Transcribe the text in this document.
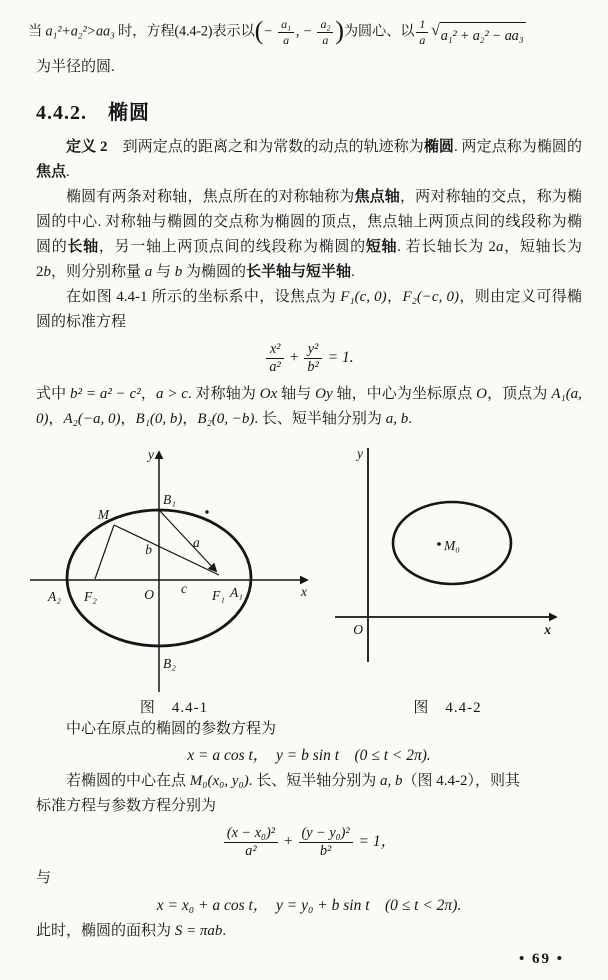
当 a₁²+a₂²>aa₃ 时，方程(4.4-2)表示以(− $\frac{\text{a₁}}{a}$ , − $\frac{\text{a₂}}{a}$ )为圆心、以 $\frac{1}{a}$ √ a₁² + a₂² − aa₃

为半径的圆.

4.4.2.　椭圆

定义 2　到两定点的距离之和为常数的动点的轨迹称为椭圆. 两定点称为椭圆的焦点.

椭圆有两条对称轴，焦点所在的对称轴称为焦点轴，两对称轴的交点，称为椭圆的中心. 对称轴与椭圆的交点称为椭圆的顶点，焦点轴上两顶点间的线段称为椭圆的长轴，另一轴上两顶点间的线段称为椭圆的短轴. 若长轴长为 2a，短轴长为 2b，则分别称量 a 与 b 为椭圆的长半轴与短半轴.

在如图 4.4-1 所示的坐标系中，设焦点为 F₁(c, 0)，F₂(−c, 0)，则由定义可得椭圆的标准方程

$\frac{\text{x²}}{\text{a²}} + \frac{\text{y²}}{\text{b²}} = 1$.

式中 b² = a² − c²，a > c. 对称轴为 Ox 轴与 Oy 轴，中心为坐标原点 O，顶点为 A₁(a, 0)，A₂(−a, 0)，B₁(0, b)，B₂(0, −b). 长、短半轴分别为 a, b.

y
B₁
M
a
b
A₂ F₂	O c F₁ A₁	x
B₂
图　4.4-1
M₀
y
O	x
图　4.4-2

中心在原点的椭圆的参数方程为

x = a cos t，　y = b sin t　(0 ≤ t < 2π).

若椭圆的中心在点 M₀(x₀, y₀). 长、短半轴分别为 a, b（图 4.4-2），则其

标准方程与参数方程分别为

$\frac{\text{(x − x₀)²}}{\text{a²}} + \frac{\text{(y − y₀)²}}{\text{b²}} = 1$，

与

x = x₀ + a cos t，　y = y₀ + b sin t　(0 ≤ t < 2π).

此时，椭圆的面积为 S = πab.

• 69 •
